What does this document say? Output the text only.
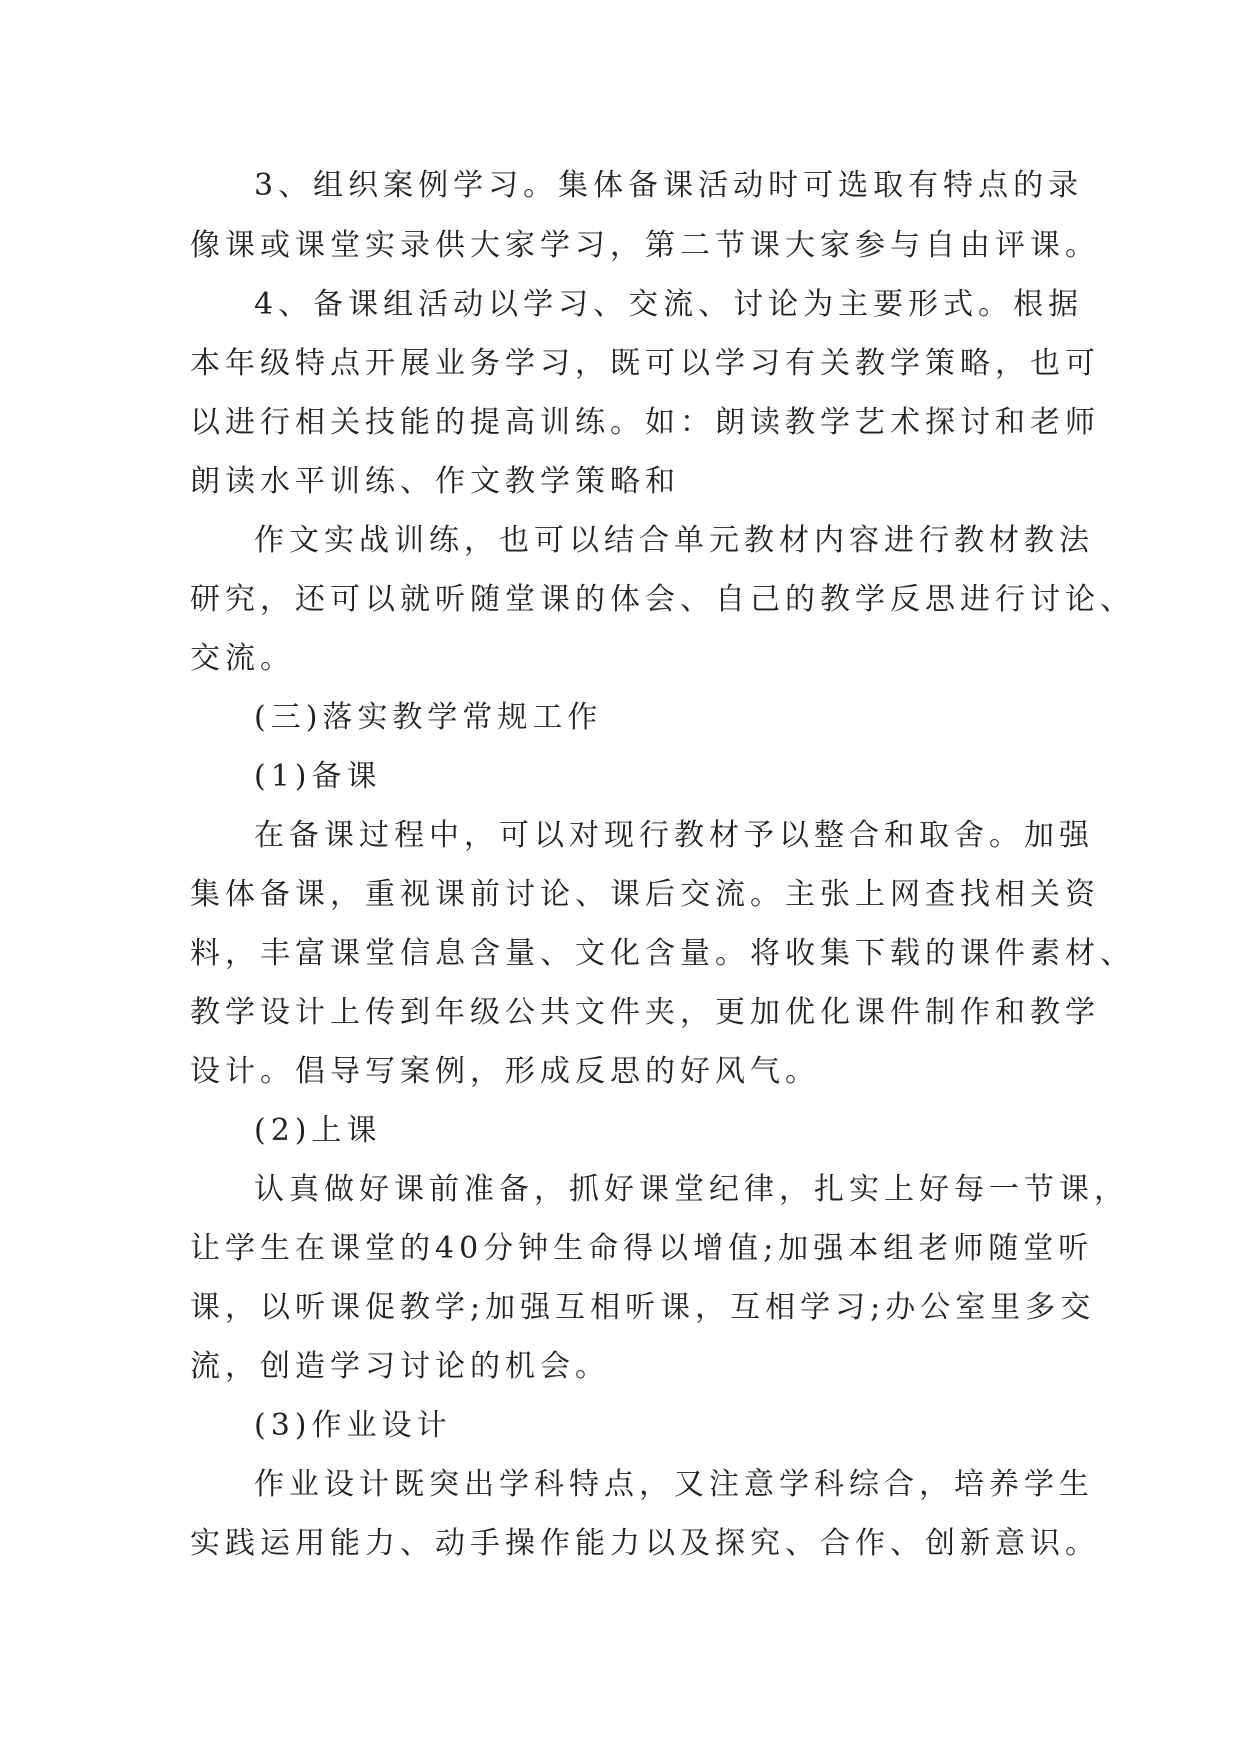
3、组织案例学习。集体备课活动时可选取有特点的录
像课或课堂实录供大家学习，第二节课大家参与自由评课。
4、备课组活动以学习、交流、讨论为主要形式。根据
本年级特点开展业务学习，既可以学习有关教学策略，也可
以进行相关技能的提高训练。如：朗读教学艺术探讨和老师
朗读水平训练、作文教学策略和
作文实战训练，也可以结合单元教材内容进行教材教法
研究，还可以就听随堂课的体会、自己的教学反思进行讨论、
交流。
(三)落实教学常规工作
(1)备课
在备课过程中，可以对现行教材予以整合和取舍。加强
集体备课，重视课前讨论、课后交流。主张上网查找相关资
料，丰富课堂信息含量、文化含量。将收集下载的课件素材、
教学设计上传到年级公共文件夹，更加优化课件制作和教学
设计。倡导写案例，形成反思的好风气。
(2)上课
认真做好课前准备，抓好课堂纪律，扎实上好每一节课，
让学生在课堂的40分钟生命得以增值;加强本组老师随堂听
课，以听课促教学;加强互相听课，互相学习;办公室里多交
流，创造学习讨论的机会。
(3)作业设计
作业设计既突出学科特点，又注意学科综合，培养学生
实践运用能力、动手操作能力以及探究、合作、创新意识。
